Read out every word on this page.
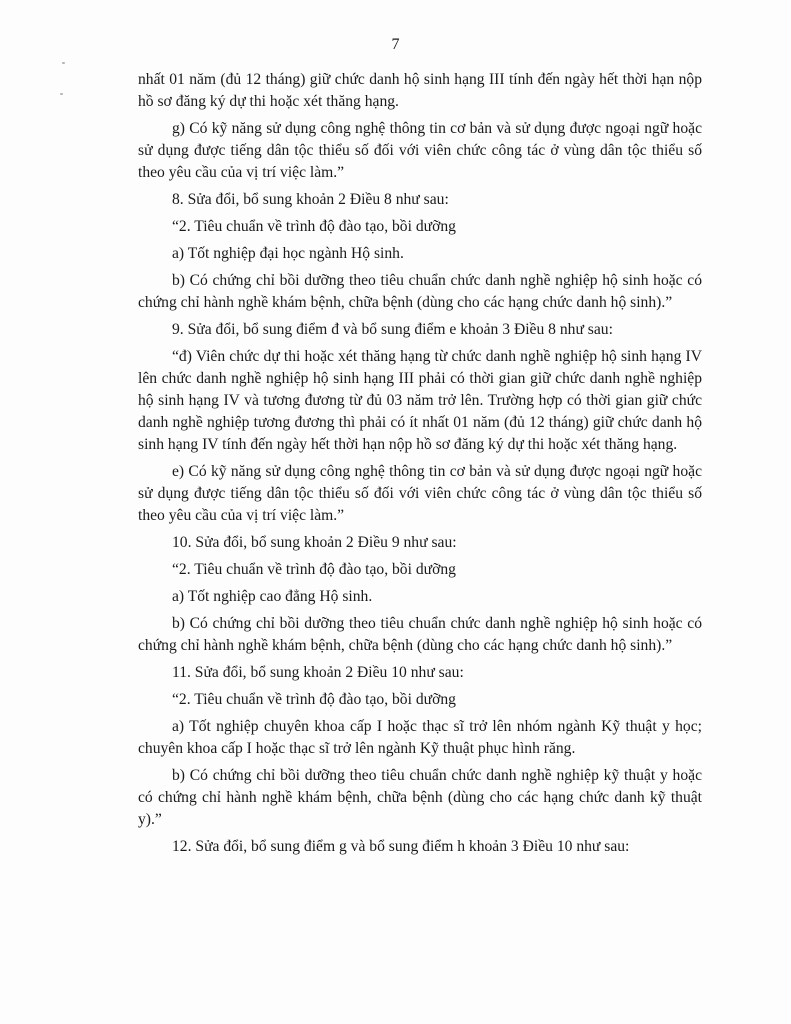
7

nhất 01 năm (đủ 12 tháng) giữ chức danh hộ sinh hạng III tính đến ngày hết thời hạn nộp hồ sơ đăng ký dự thi hoặc xét thăng hạng.

g) Có kỹ năng sử dụng công nghệ thông tin cơ bản và sử dụng được ngoại ngữ hoặc sử dụng được tiếng dân tộc thiểu số đối với viên chức công tác ở vùng dân tộc thiểu số theo yêu cầu của vị trí việc làm.”

8. Sửa đổi, bổ sung khoản 2 Điều 8 như sau:

“2. Tiêu chuẩn về trình độ đào tạo, bồi dưỡng

a) Tốt nghiệp đại học ngành Hộ sinh.

b) Có chứng chỉ bồi dưỡng theo tiêu chuẩn chức danh nghề nghiệp hộ sinh hoặc có chứng chỉ hành nghề khám bệnh, chữa bệnh (dùng cho các hạng chức danh hộ sinh).”

9. Sửa đổi, bổ sung điểm đ và bổ sung điểm e khoản 3 Điều 8 như sau:

“đ) Viên chức dự thi hoặc xét thăng hạng từ chức danh nghề nghiệp hộ sinh hạng IV lên chức danh nghề nghiệp hộ sinh hạng III phải có thời gian giữ chức danh nghề nghiệp hộ sinh hạng IV và tương đương từ đủ 03 năm trở lên. Trường hợp có thời gian giữ chức danh nghề nghiệp tương đương thì phải có ít nhất 01 năm (đủ 12 tháng) giữ chức danh hộ sinh hạng IV tính đến ngày hết thời hạn nộp hồ sơ đăng ký dự thi hoặc xét thăng hạng.

e) Có kỹ năng sử dụng công nghệ thông tin cơ bản và sử dụng được ngoại ngữ hoặc sử dụng được tiếng dân tộc thiểu số đối với viên chức công tác ở vùng dân tộc thiểu số theo yêu cầu của vị trí việc làm.”

10. Sửa đổi, bổ sung khoản 2 Điều 9 như sau:

“2. Tiêu chuẩn về trình độ đào tạo, bồi dưỡng

a) Tốt nghiệp cao đẳng Hộ sinh.

b) Có chứng chỉ bồi dưỡng theo tiêu chuẩn chức danh nghề nghiệp hộ sinh hoặc có chứng chỉ hành nghề khám bệnh, chữa bệnh (dùng cho các hạng chức danh hộ sinh).”

11. Sửa đổi, bổ sung khoản 2 Điều 10 như sau:

“2. Tiêu chuẩn về trình độ đào tạo, bồi dưỡng

a) Tốt nghiệp chuyên khoa cấp I hoặc thạc sĩ trở lên nhóm ngành Kỹ thuật y học; chuyên khoa cấp I hoặc thạc sĩ trở lên ngành Kỹ thuật phục hình răng.

b) Có chứng chỉ bồi dưỡng theo tiêu chuẩn chức danh nghề nghiệp kỹ thuật y hoặc có chứng chỉ hành nghề khám bệnh, chữa bệnh (dùng cho các hạng chức danh kỹ thuật y).”

12. Sửa đổi, bổ sung điểm g và bổ sung điểm h khoản 3 Điều 10 như sau:
